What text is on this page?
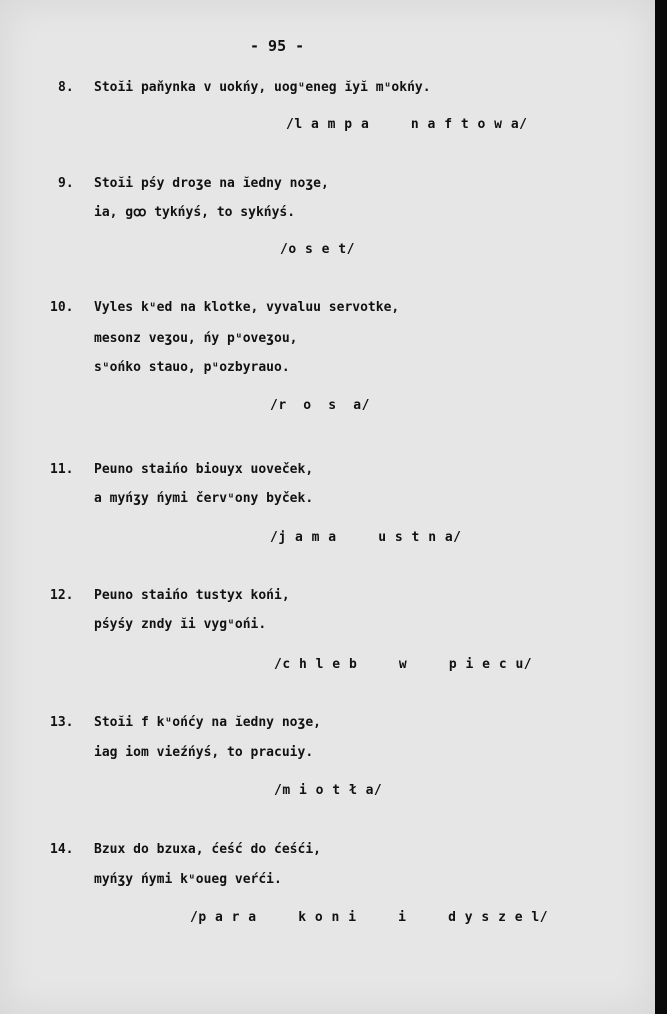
- 95 -
8. Stoĭi paňynka v uokńy, uogᵘeneg ĭyĭ mᵘokńy.
/l a m p a     n a f t o w a/
9. Stoĭi pśy droʒe na ĭedny noʒe,
ia, gꝏ tykńyś, to sykńyś.
/o s e t/
10. Vyles kᵘed na klotke, vyvaluu servotke,
mesonz veʒou, ńy pᵘoveʒou,
sᵘońko stauo, pᵘozbyrauo.
/r  o  s  a/
11. Peuno staińo biouyx uoveček,
a myńʒy ńymi červᵘony byček.
/j a m a     u s t n a/
12. Peuno staińo tustyx końi,
pśyśy zndy ĭi vygᵘońi.
/c h l e b     w     p i e c u/
13. Stoĭi f kᵘońćy na ĭedny noʒe,
iag iom vieźńyś, to pracuiy.
/m i o t ł a/
14. Bzux do bzuxa, ćeść do ćeśći,
myńʒy ńymi kᵘoueg veŕći.
/p a r a     k o n i     i     d y s z e l/
